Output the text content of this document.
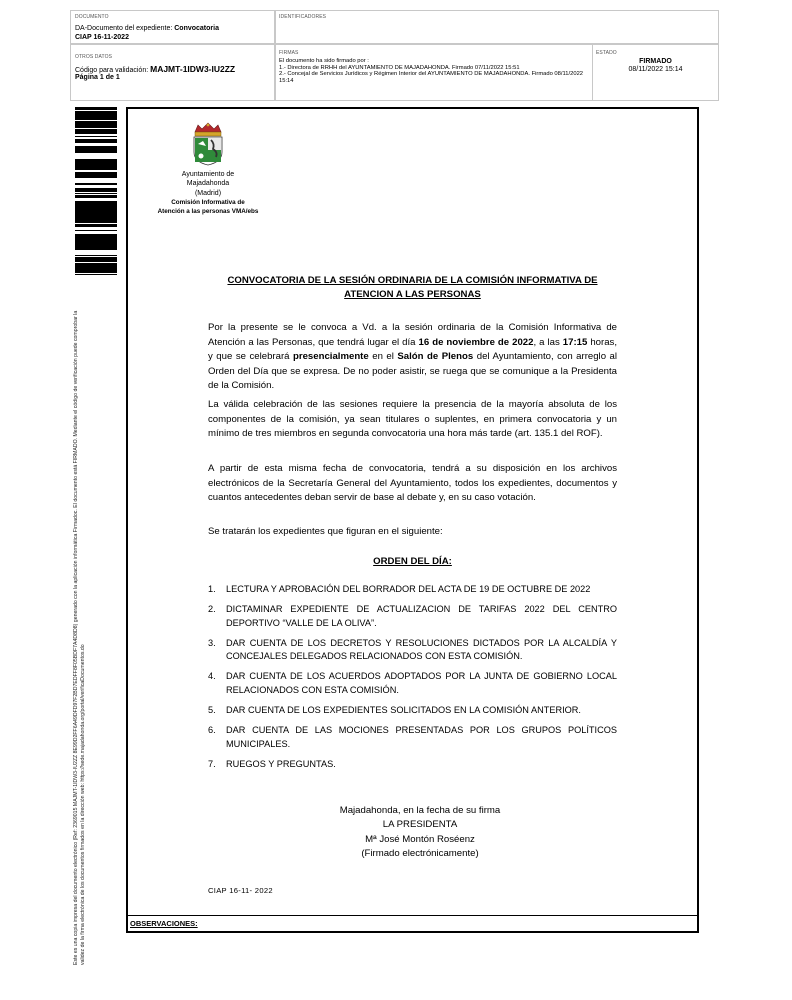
DOCUMENTO
DA-Documento del expediente: Convocatoria
CIAP 16-11-2022
IDENTIFICADORES
OTROS DATOS
Código para validación: MAJMT-1IDW3-IU2ZZ
Página 1 de 1
FIRMAS
El documento ha sido firmado por :
1.- Directora de RRHH del AYUNTAMIENTO DE MAJADAHONDA. Firmado 07/11/2022 15:51
2.- Concejal de Servicios Jurídicos y Régimen Interior del AYUNTAMIENTO DE MAJADAHONDA. Firmado 08/11/2022 15:14
ESTADO
FIRMADO
08/11/2022 15:14
Este es una copia impresa del documento electrónico (Ref: 2369015 MAJMT-1IDW3-IU2ZZ 8E99D2FF6A49DFD97F2BD7EDFF8F05BDF7A4D8D8) generado con la aplicación informática Firmadoc. El documento está FIRMADO. Mediante el código de verificación puede comprobar la validez de la firma electrónica de los documentos firmados en la dirección web: https://sede.majadahonda.org/portal/verificaDocumentos.do
Ayuntamiento de
Majadahonda
(Madrid)
Comisión Informativa de
Atención a las personas VMA/ebs
CONVOCATORIA DE LA SESIÓN ORDINARIA DE LA COMISIÓN INFORMATIVA DE ATENCION A LAS PERSONAS
Por la presente se le convoca a Vd. a la sesión ordinaria de la Comisión Informativa de Atención a las Personas, que tendrá lugar el día 16 de noviembre de 2022, a las 17:15 horas, y que se celebrará presencialmente en el Salón de Plenos del Ayuntamiento, con arreglo al Orden del Día que se expresa. De no poder asistir, se ruega que se comunique a la Presidenta de la Comisión.
La válida celebración de las sesiones requiere la presencia de la mayoría absoluta de los componentes de la comisión, ya sean titulares o suplentes, en primera convocatoria y un mínimo de tres miembros en segunda convocatoria una hora más tarde (art. 135.1 del ROF).
A partir de esta misma fecha de convocatoria, tendrá a su disposición en los archivos electrónicos de la Secretaría General del Ayuntamiento, todos los expedientes, documentos y cuantos antecedentes deban servir de base al debate y, en su caso votación.
Se tratarán los expedientes que figuran en el siguiente:
ORDEN DEL DÍA:
1. LECTURA Y APROBACIÓN DEL BORRADOR DEL ACTA DE 19 DE OCTUBRE DE 2022
2. DICTAMINAR EXPEDIENTE DE ACTUALIZACION DE TARIFAS 2022 DEL CENTRO DEPORTIVO “VALLE DE LA OLIVA”.
3. DAR CUENTA DE LOS DECRETOS Y RESOLUCIONES DICTADOS POR LA ALCALDÍA Y CONCEJALES DELEGADOS RELACIONADOS CON ESTA COMISIÓN.
4. DAR CUENTA DE LOS ACUERDOS ADOPTADOS POR LA JUNTA DE GOBIERNO LOCAL RELACIONADOS CON ESTA COMISIÓN.
5. DAR CUENTA DE LOS EXPEDIENTES SOLICITADOS EN LA COMISIÓN ANTERIOR.
6. DAR CUENTA DE LAS MOCIONES PRESENTADAS POR LOS GRUPOS POLÍTICOS MUNICIPALES.
7. RUEGOS Y PREGUNTAS.
Majadahonda, en la fecha de su firma
LA PRESIDENTA
Mª José Montón Roséenz
(Firmado electrónicamente)
CIAP 16-11- 2022
OBSERVACIONES:
